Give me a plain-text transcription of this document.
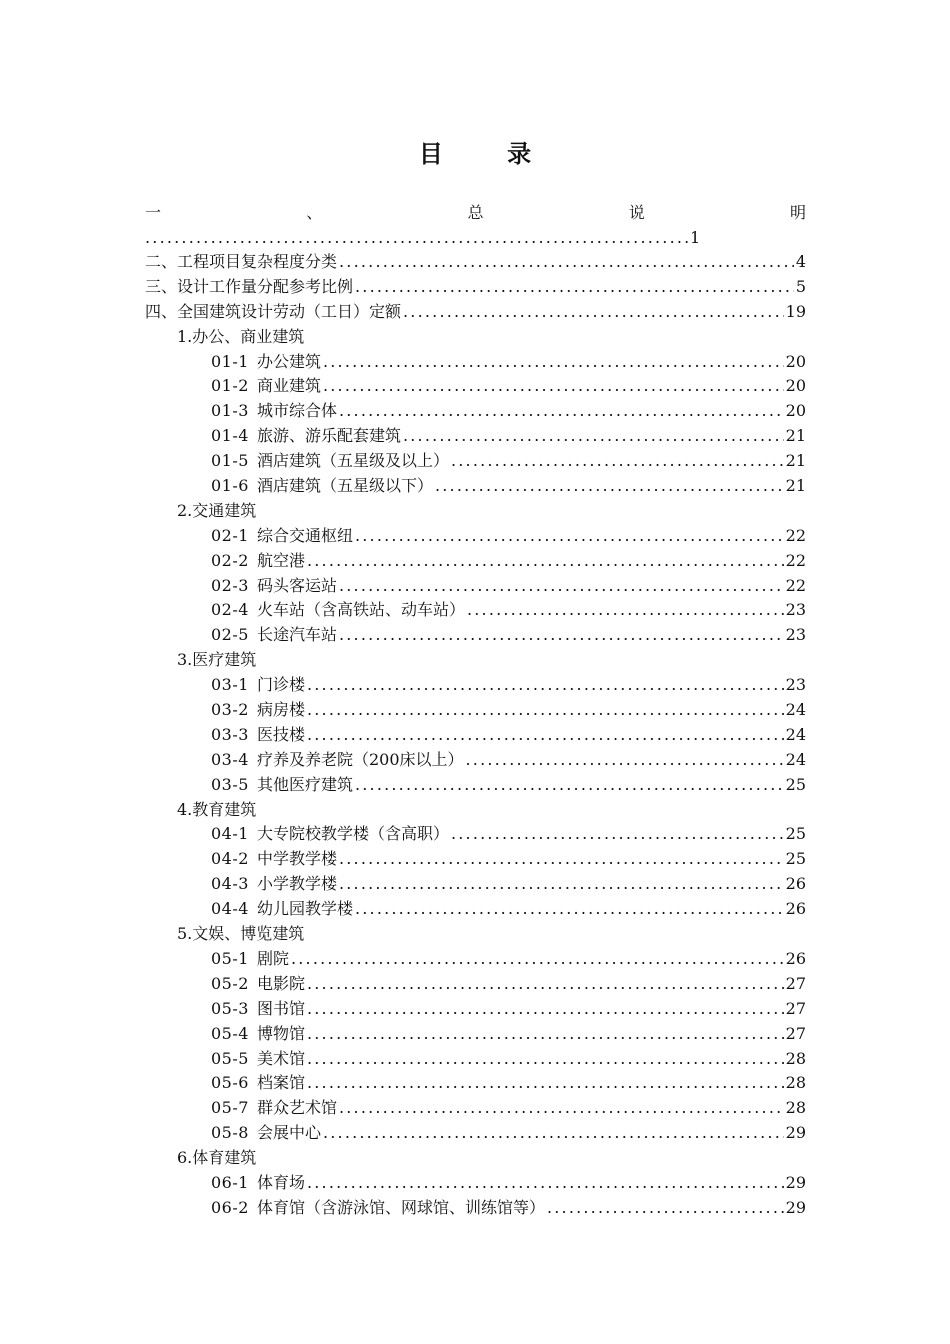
目 录
一	、	总	说	明
.....
1
二、工程项目复杂程度分类 .....	4
三、设计工作量分配参考比例 .....	5
四、全国建筑设计劳动（工日）定额 .....	19
1.办公、商业建筑
01-1 办公建筑 .....	20
01-2 商业建筑 .....	20
01-3 城市综合体 .....	20
01-4 旅游、游乐配套建筑 .....	21
01-5 酒店建筑（五星级及以上） .....	21
01-6 酒店建筑（五星级以下） .....	21
2.交通建筑
02-1 综合交通枢纽 .....	22
02-2 航空港 .....	22
02-3 码头客运站 .....	22
02-4 火车站（含高铁站、动车站） .....	23
02-5 长途汽车站 .....	23
3.医疗建筑
03-1 门诊楼 .....	23
03-2 病房楼 .....	24
03-3 医技楼 .....	24
03-4 疗养及养老院（200床以上） .....	24
03-5 其他医疗建筑 .....	25
4.教育建筑
04-1 大专院校教学楼（含高职） .....	25
04-2 中学教学楼 .....	25
04-3 小学教学楼 .....	26
04-4 幼儿园教学楼 .....	26
5.文娱、博览建筑
05-1 剧院 .....	26
05-2 电影院 .....	27
05-3 图书馆 .....	27
05-4 博物馆 .....	27
05-5 美术馆 .....	28
05-6 档案馆 .....	28
05-7 群众艺术馆 .....	28
05-8 会展中心 .....	29
6.体育建筑
06-1 体育场 .....	29
06-2 体育馆（含游泳馆、网球馆、训练馆等） .....	29
